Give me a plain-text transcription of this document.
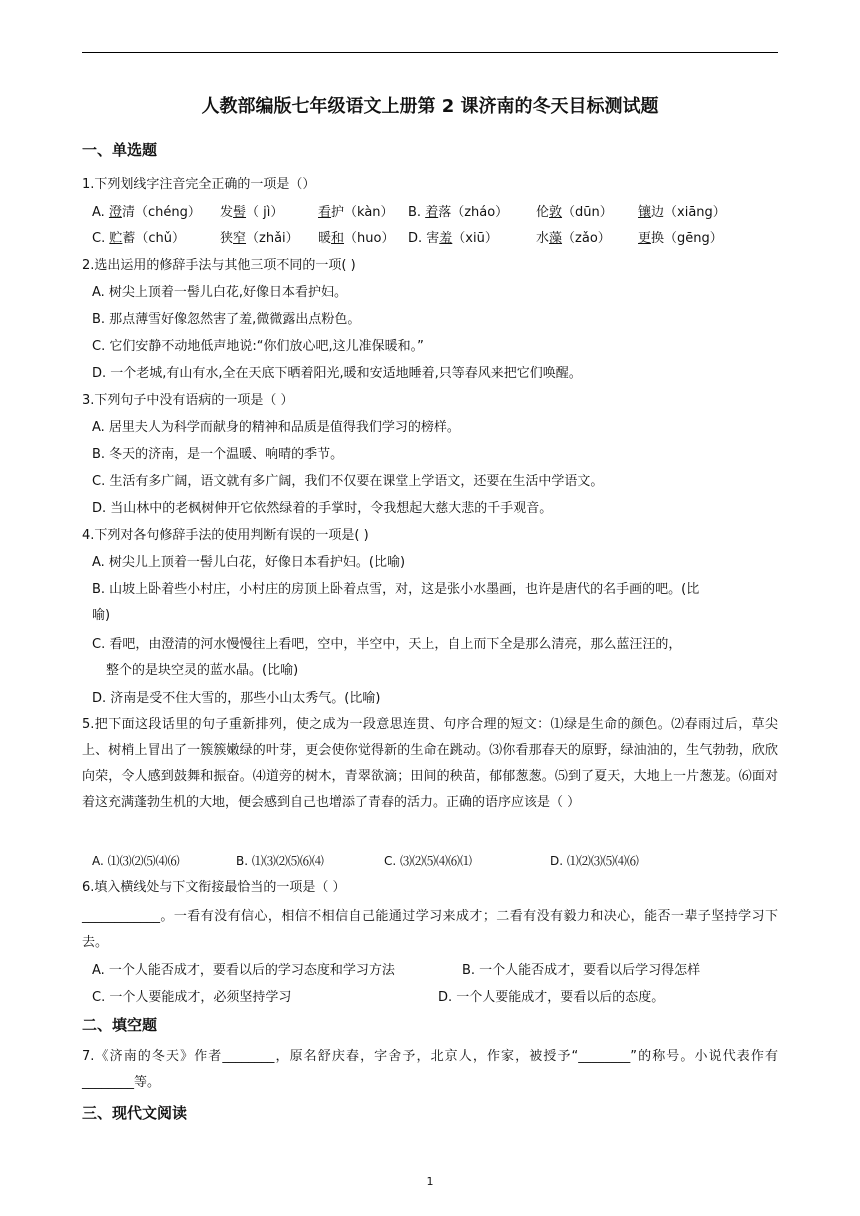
人教部编版七年级语文上册第 2 课济南的冬天目标测试题
一、单选题
1.下列划线字注音完全正确的一项是（）
A. 澄清（chéng） 发髻（ jì）	看护（kàn） B. 着落（zháo） 伦敦（dūn） 镶边（xiāng）
C. 贮蓄（chǔ）	狭窄（zhǎi） 暖和（huo） D. 害羞（xiū）	水藻（zǎo） 更换（gēng）
2.选出运用的修辞手法与其他三项不同的一项( )
A. 树尖上顶着一髻儿白花,好像日本看护妇。
B. 那点薄雪好像忽然害了羞,微微露出点粉色。
C. 它们安静不动地低声地说:“你们放心吧,这儿准保暖和。”
D. 一个老城,有山有水,全在天底下晒着阳光,暖和安适地睡着,只等春风来把它们唤醒。
3.下列句子中没有语病的一项是（ ）
A. 居里夫人为科学而献身的精神和品质是值得我们学习的榜样。
B. 冬天的济南，是一个温暖、响晴的季节。
C. 生活有多广阔，语文就有多广阔，我们不仅要在课堂上学语文，还要在生活中学语文。
D. 当山林中的老枫树伸开它依然绿着的手掌时，令我想起大慈大悲的千手观音。
4.下列对各句修辞手法的使用判断有误的一项是( )
A. 树尖儿上顶着一髻儿白花，好像日本看护妇。(比喻)
B. 山坡上卧着些小村庄，小村庄的房顶上卧着点雪，对，这是张小水墨画，也许是唐代的名手画的吧。(比
喻)
C. 看吧，由澄清的河水慢慢往上看吧，空中，半空中，天上，自上而下全是那么清亮，那么蓝汪汪的，
整个的是块空灵的蓝水晶。(比喻)
D. 济南是受不住大雪的，那些小山太秀气。(比喻)
5.把下面这段话里的句子重新排列，使之成为一段意思连贯、句序合理的短文：⑴绿是生命的颜色。⑵春雨过后，草尖上、树梢上冒出了一簇簇嫩绿的叶芽，更会使你觉得新的生命在跳动。⑶你看那春天的原野，绿油油的，生气勃勃，欣欣向荣，令人感到鼓舞和振奋。⑷道旁的树木，青翠欲滴；田间的秧苗，郁郁葱葱。⑸到了夏天，大地上一片葱茏。⑹面对着这充满蓬勃生机的大地，便会感到自己也增添了青春的活力。正确的语序应该是（ ）
A. ⑴⑶⑵⑸⑷⑹	B. ⑴⑶⑵⑸⑹⑷	C. ⑶⑵⑸⑷⑹⑴	D. ⑴⑵⑶⑸⑷⑹
6.填入横线处与下文衔接最恰当的一项是（ ）
____________。一看有没有信心，相信不相信自己能通过学习来成才；二看有没有毅力和决心，能否一辈子坚持学习下去。
A. 一个人能否成才，要看以后的学习态度和学习方法	B. 一个人能否成才，要看以后学习得怎样
C. 一个人要能成才，必须坚持学习	D. 一个人要能成才，要看以后的态度。
二、填空题
7.《济南的冬天》作者________，原名舒庆春，字舍予，北京人，作家，被授予“________”的称号。小说代表作有________等。
三、现代文阅读
1
